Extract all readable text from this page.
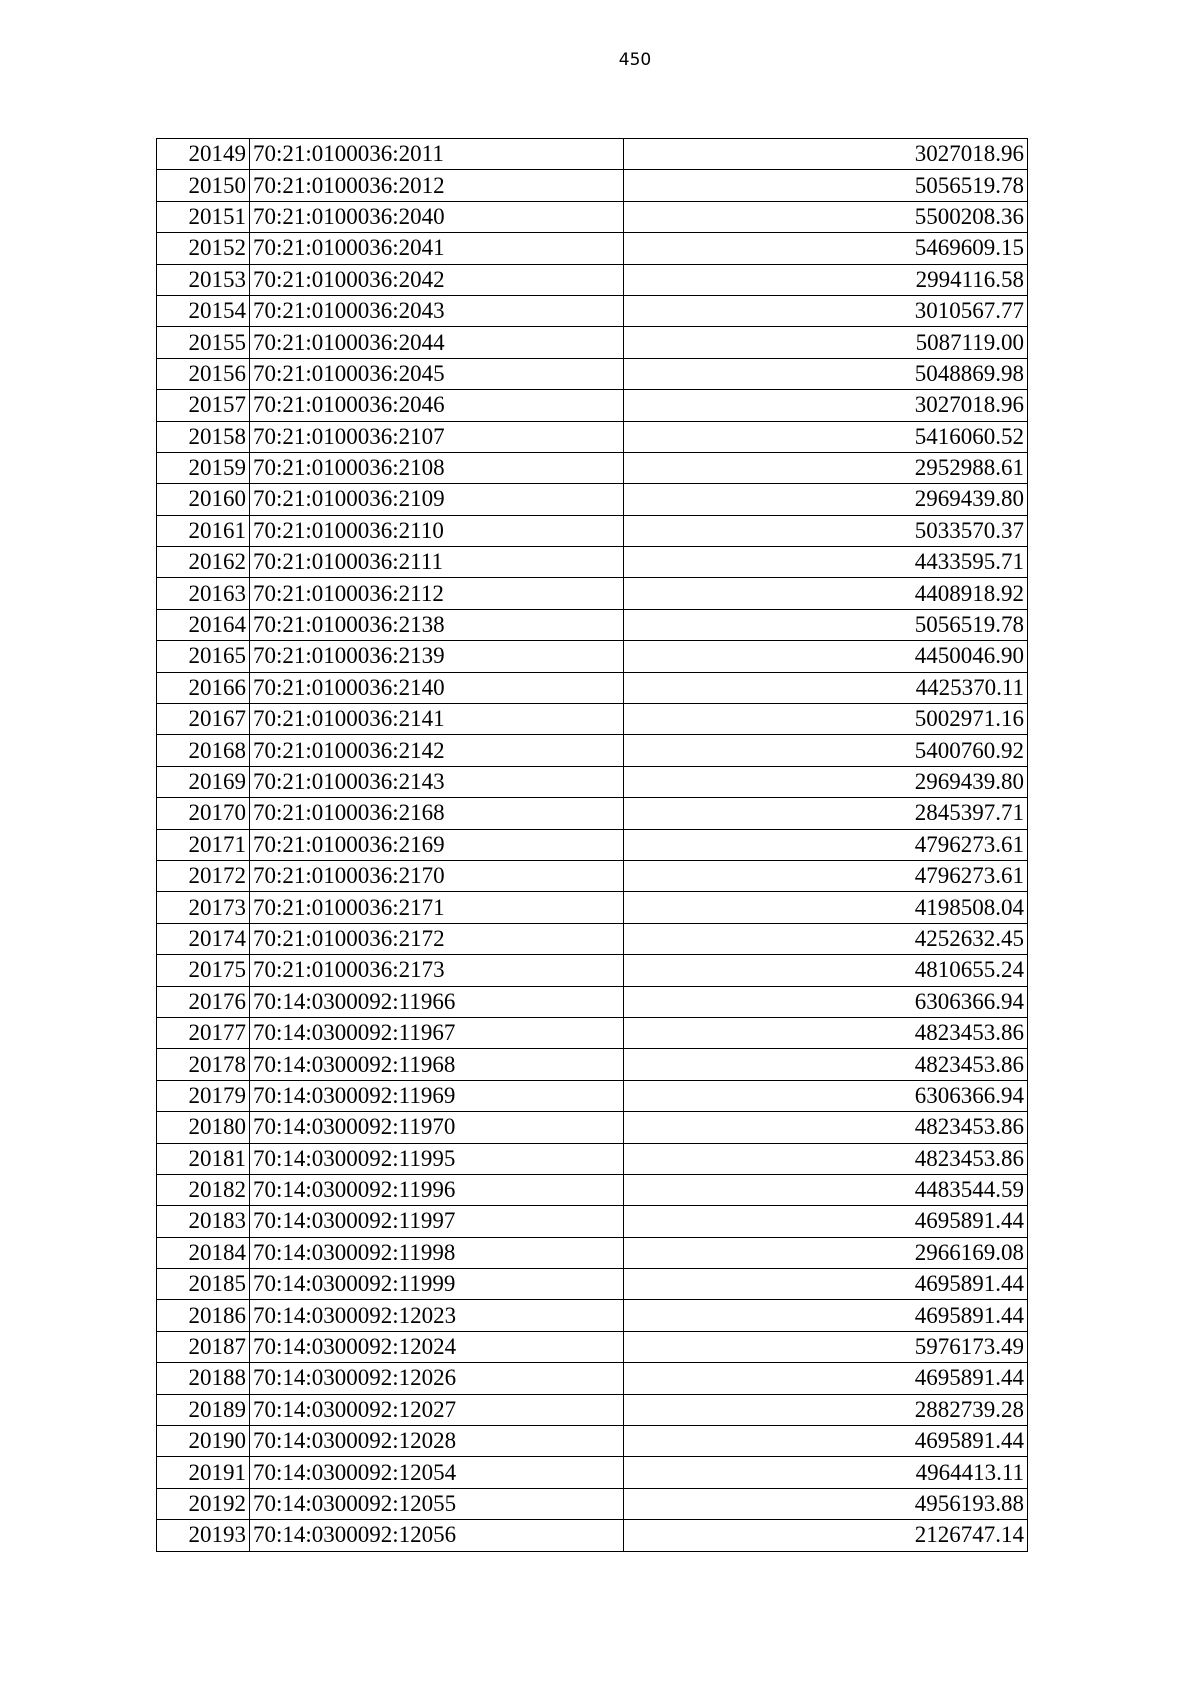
450
20149	70:21:0100036:2011	3027018.96
20150	70:21:0100036:2012	5056519.78
20151	70:21:0100036:2040	5500208.36
20152	70:21:0100036:2041	5469609.15
20153	70:21:0100036:2042	2994116.58
20154	70:21:0100036:2043	3010567.77
20155	70:21:0100036:2044	5087119.00
20156	70:21:0100036:2045	5048869.98
20157	70:21:0100036:2046	3027018.96
20158	70:21:0100036:2107	5416060.52
20159	70:21:0100036:2108	2952988.61
20160	70:21:0100036:2109	2969439.80
20161	70:21:0100036:2110	5033570.37
20162	70:21:0100036:2111	4433595.71
20163	70:21:0100036:2112	4408918.92
20164	70:21:0100036:2138	5056519.78
20165	70:21:0100036:2139	4450046.90
20166	70:21:0100036:2140	4425370.11
20167	70:21:0100036:2141	5002971.16
20168	70:21:0100036:2142	5400760.92
20169	70:21:0100036:2143	2969439.80
20170	70:21:0100036:2168	2845397.71
20171	70:21:0100036:2169	4796273.61
20172	70:21:0100036:2170	4796273.61
20173	70:21:0100036:2171	4198508.04
20174	70:21:0100036:2172	4252632.45
20175	70:21:0100036:2173	4810655.24
20176	70:14:0300092:11966	6306366.94
20177	70:14:0300092:11967	4823453.86
20178	70:14:0300092:11968	4823453.86
20179	70:14:0300092:11969	6306366.94
20180	70:14:0300092:11970	4823453.86
20181	70:14:0300092:11995	4823453.86
20182	70:14:0300092:11996	4483544.59
20183	70:14:0300092:11997	4695891.44
20184	70:14:0300092:11998	2966169.08
20185	70:14:0300092:11999	4695891.44
20186	70:14:0300092:12023	4695891.44
20187	70:14:0300092:12024	5976173.49
20188	70:14:0300092:12026	4695891.44
20189	70:14:0300092:12027	2882739.28
20190	70:14:0300092:12028	4695891.44
20191	70:14:0300092:12054	4964413.11
20192	70:14:0300092:12055	4956193.88
20193	70:14:0300092:12056	2126747.14
